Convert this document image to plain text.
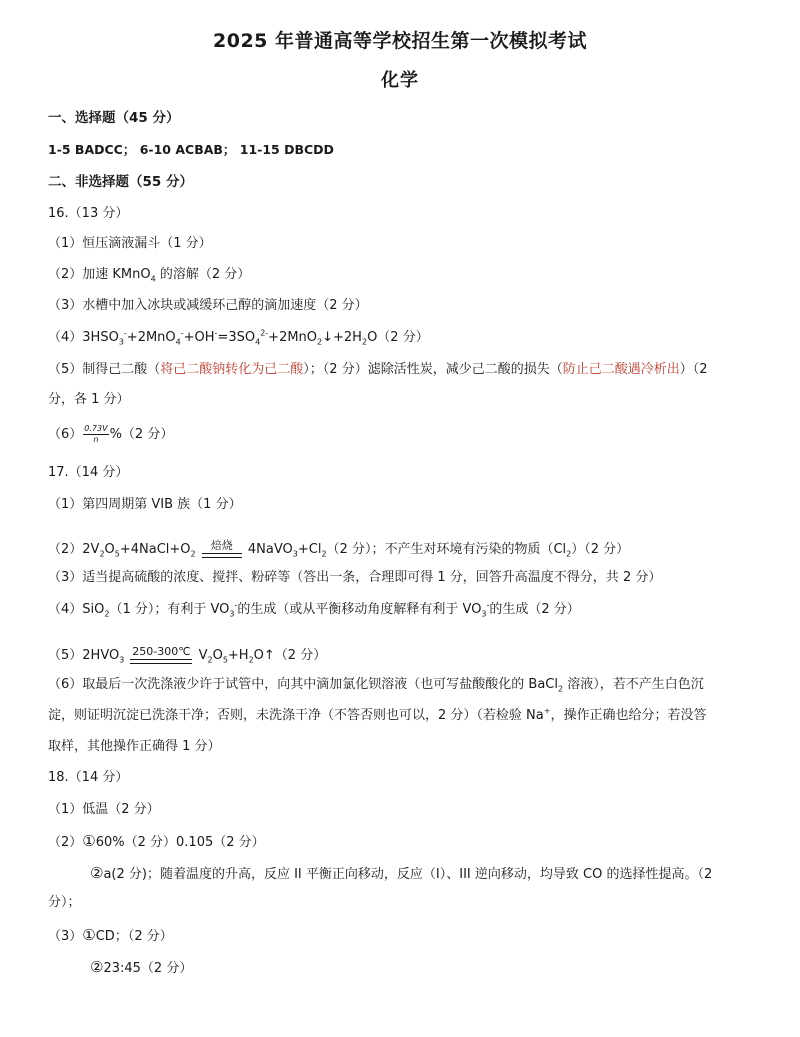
2025 年普通高等学校招生第一次模拟考试
化学
一、选择题（45 分）
1-5 BADCC； 6-10 ACBAB； 11-15 DBCDD
二、非选择题（55 分）
16.（13 分）
（1）恒压滴液漏斗（1 分）
（2）加速 KMnO$_4$ 的溶解（2 分）
（3）水槽中加入冰块或减缓环己醇的滴加速度（2 分）
$(4)3HSO_3^-+2MnO_4^-+OH^-=3SO_4^{2-}+2MnO_2↓+2H_2O(2$ 分）
（5）制得己二酸（将己二酸钠转化为己二酸）；（2 分）滤除活性炭，减少己二酸的损失（防止己二酸遇冷析出）（2
分，各 1 分）
$(6) \frac{0.73V}{n} \%(2$ 分）
17.（14 分）
（1）第四周期第 VIB 族（1 分）
$(2)2V_2O_5+4NaCl+O_2$
焙烧 $4NaVO_3+Cl_2(2$ 分）；不产生对环境有污染的物质$(Cl_2)(2$ 分）
（3）适当提高硫酸的浓度、搅拌、粉碎等（答出一条，合理即可得 1 分，回答升高温度不得分，共 2 分）
（4）SiO$_2$（1 分）；有利于 $VO_3^-$的生成（或从平衡移动角度解释有利于 $VO_3^-$的生成（2 分）
$(5)2HVO_3$
250-300℃ $V_2O_5+H_2O↑(2$ 分）
（6）取最后一次洗涤液少许于试管中，向其中滴加氯化钡溶液（也可写盐酸酸化的 BaCl$_2$ 溶液），若不产生白色沉
淀，则证明沉淀已洗涤干净；否则，未洗涤干净（不答否则也可以，2 分）（若检验 Na+，操作正确也给分；若没答
取样，其他操作正确得 1 分）
18.（14 分）
（1）低温（2 分）
（2）①60%（2 分）0.105（2 分）
②a(2 分)；随着温度的升高，反应 II 平衡正向移动，反应（I）、III 逆向移动，均导致 CO 的选择性提高。（2
分）；
（3）①CD；（2 分）
②23:45（2 分）
